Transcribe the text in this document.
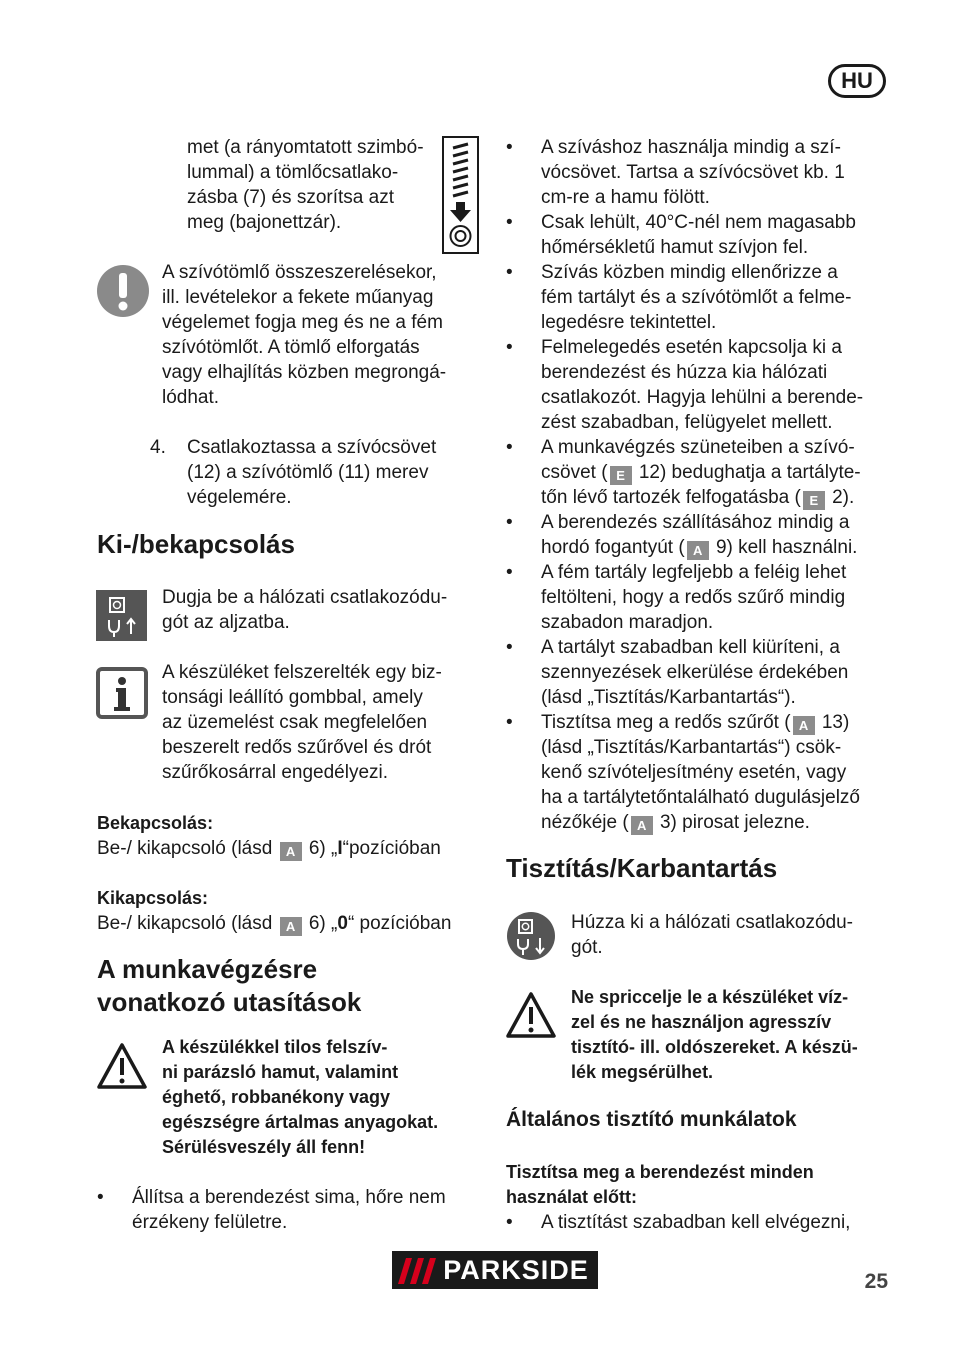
HU

met (a rányomtatott szimbó-

lummal) a tömlőcsatlako-

zásba (7) és szorítsa azt

meg (bajonettzár).

A szívótömlő összeszerelésekor,

ill. levételekor a fekete műanyag

végelemet fogja meg és ne a fém

szívótömlőt. A tömlő elforgatás

vagy elhajlítás közben megrongá-

lódhat.

4. Csatlakoztassa a szívócsövet

(12) a szívótömlő (11) merev

végelemére.

Ki-/bekapcsolás

Dugja be a hálózati csatlakozódu-

gót az aljzatba.

A készüléket felszerelték egy biz-

tonsági leállító gombbal, amely

az üzemelést csak megfelelően

beszerelt redős szűrővel és drót

szűrőkosárral engedélyezi.

Bekapcsolás:

Be-/ kikapcsoló (lásd A 6) „I“pozícióban

Kikapcsolás:

Be-/ kikapcsoló (lásd A 6) „0“ pozícióban

A munkavégzésre
vonatkozó utasítások

A készülékkel tilos felszív-

ni parázsló hamut, valamint

éghető, robbanékony vagy

egészségre ártalmas anyagokat.

Sérülésveszély áll fenn!

• Állítsa a berendezést sima, hőre nem

érzékeny felületre.

• A szíváshoz használja mindig a szí-

vócsövet. Tartsa a szívócsövet kb. 1

cm-re a hamu fölött.

• Csak lehült, 40°C-nél nem magasabb

hőmérsékletű hamut szívjon fel.

• Szívás közben mindig ellenőrizze a

fém tartályt és a szívótömlőt a felme-

legedésre tekintettel.

• Felmelegedés esetén kapcsolja ki a

berendezést és húzza kia hálózati

csatlakozót. Hagyja lehülni a berende-

zést szabadban, felügyelet mellett.

• A munkavégzés szüneteiben a szívó-

csövet ( E 12) bedughatja a tartályte-

tőn lévő tartozék felfogatásba ( E 2).

• A berendezés szállításához mindig a

hordó fogantyút ( A 9) kell használni.

• A fém tartály legfeljebb a feléig lehet

feltölteni, hogy a redős szűrő mindig

szabadon maradjon.

• A tartályt szabadban kell kiüríteni, a

szennyezések elkerülése érdekében

(lásd „Tisztítás/Karbantartás“).

• Tisztítsa meg a redős szűrőt ( A 13)

(lásd „Tisztítás/Karbantartás“) csök-

kenő szívóteljesítmény esetén, vagy

ha a tartálytetőntalálható dugulásjelző

nézőkéje ( A 3) pirosat jelezne.

Tisztítás/Karbantartás

Húzza ki a hálózati csatlakozódu-

gót.

Ne spriccelje le a készüléket víz-

zel és ne használjon agresszív

tisztító- ill. oldószereket. A készü-

lék megsérülhet.

Általános tisztító munkálatok

Tisztítsa meg a berendezést minden

használat előtt:

• A tisztítást szabadban kell elvégezni,

PARKSIDE	25
